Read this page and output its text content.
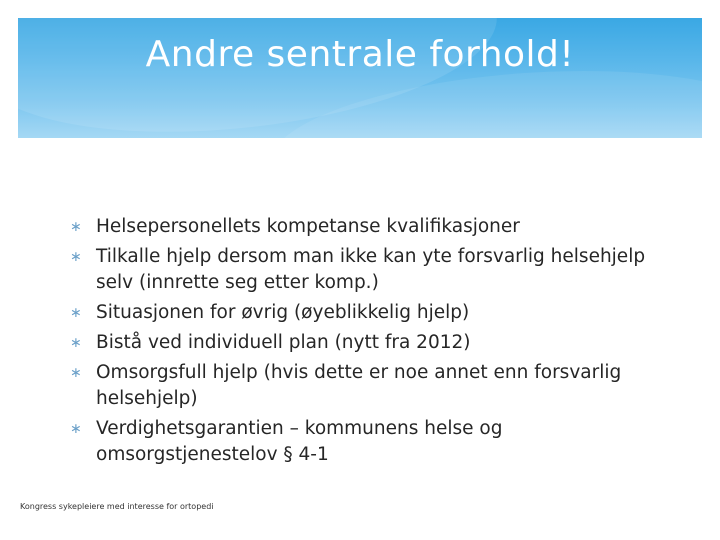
Andre sentrale forhold!
∗ Helsepersonellets kompetanse kvalifikasjoner
∗ Tilkalle hjelp dersom man ikke kan yte forsvarlig helsehjelp selv (innrette seg etter komp.)
∗ Situasjonen for øvrig (øyeblikkelig hjelp)
∗ Bistå ved individuell plan (nytt fra 2012)
∗ Omsorgsfull hjelp (hvis dette er noe annet enn forsvarlig helsehjelp)
∗ Verdighetsgarantien – kommunens helse og omsorgstjenestelov § 4-1
Kongress sykepleiere med interesse for ortopedi
